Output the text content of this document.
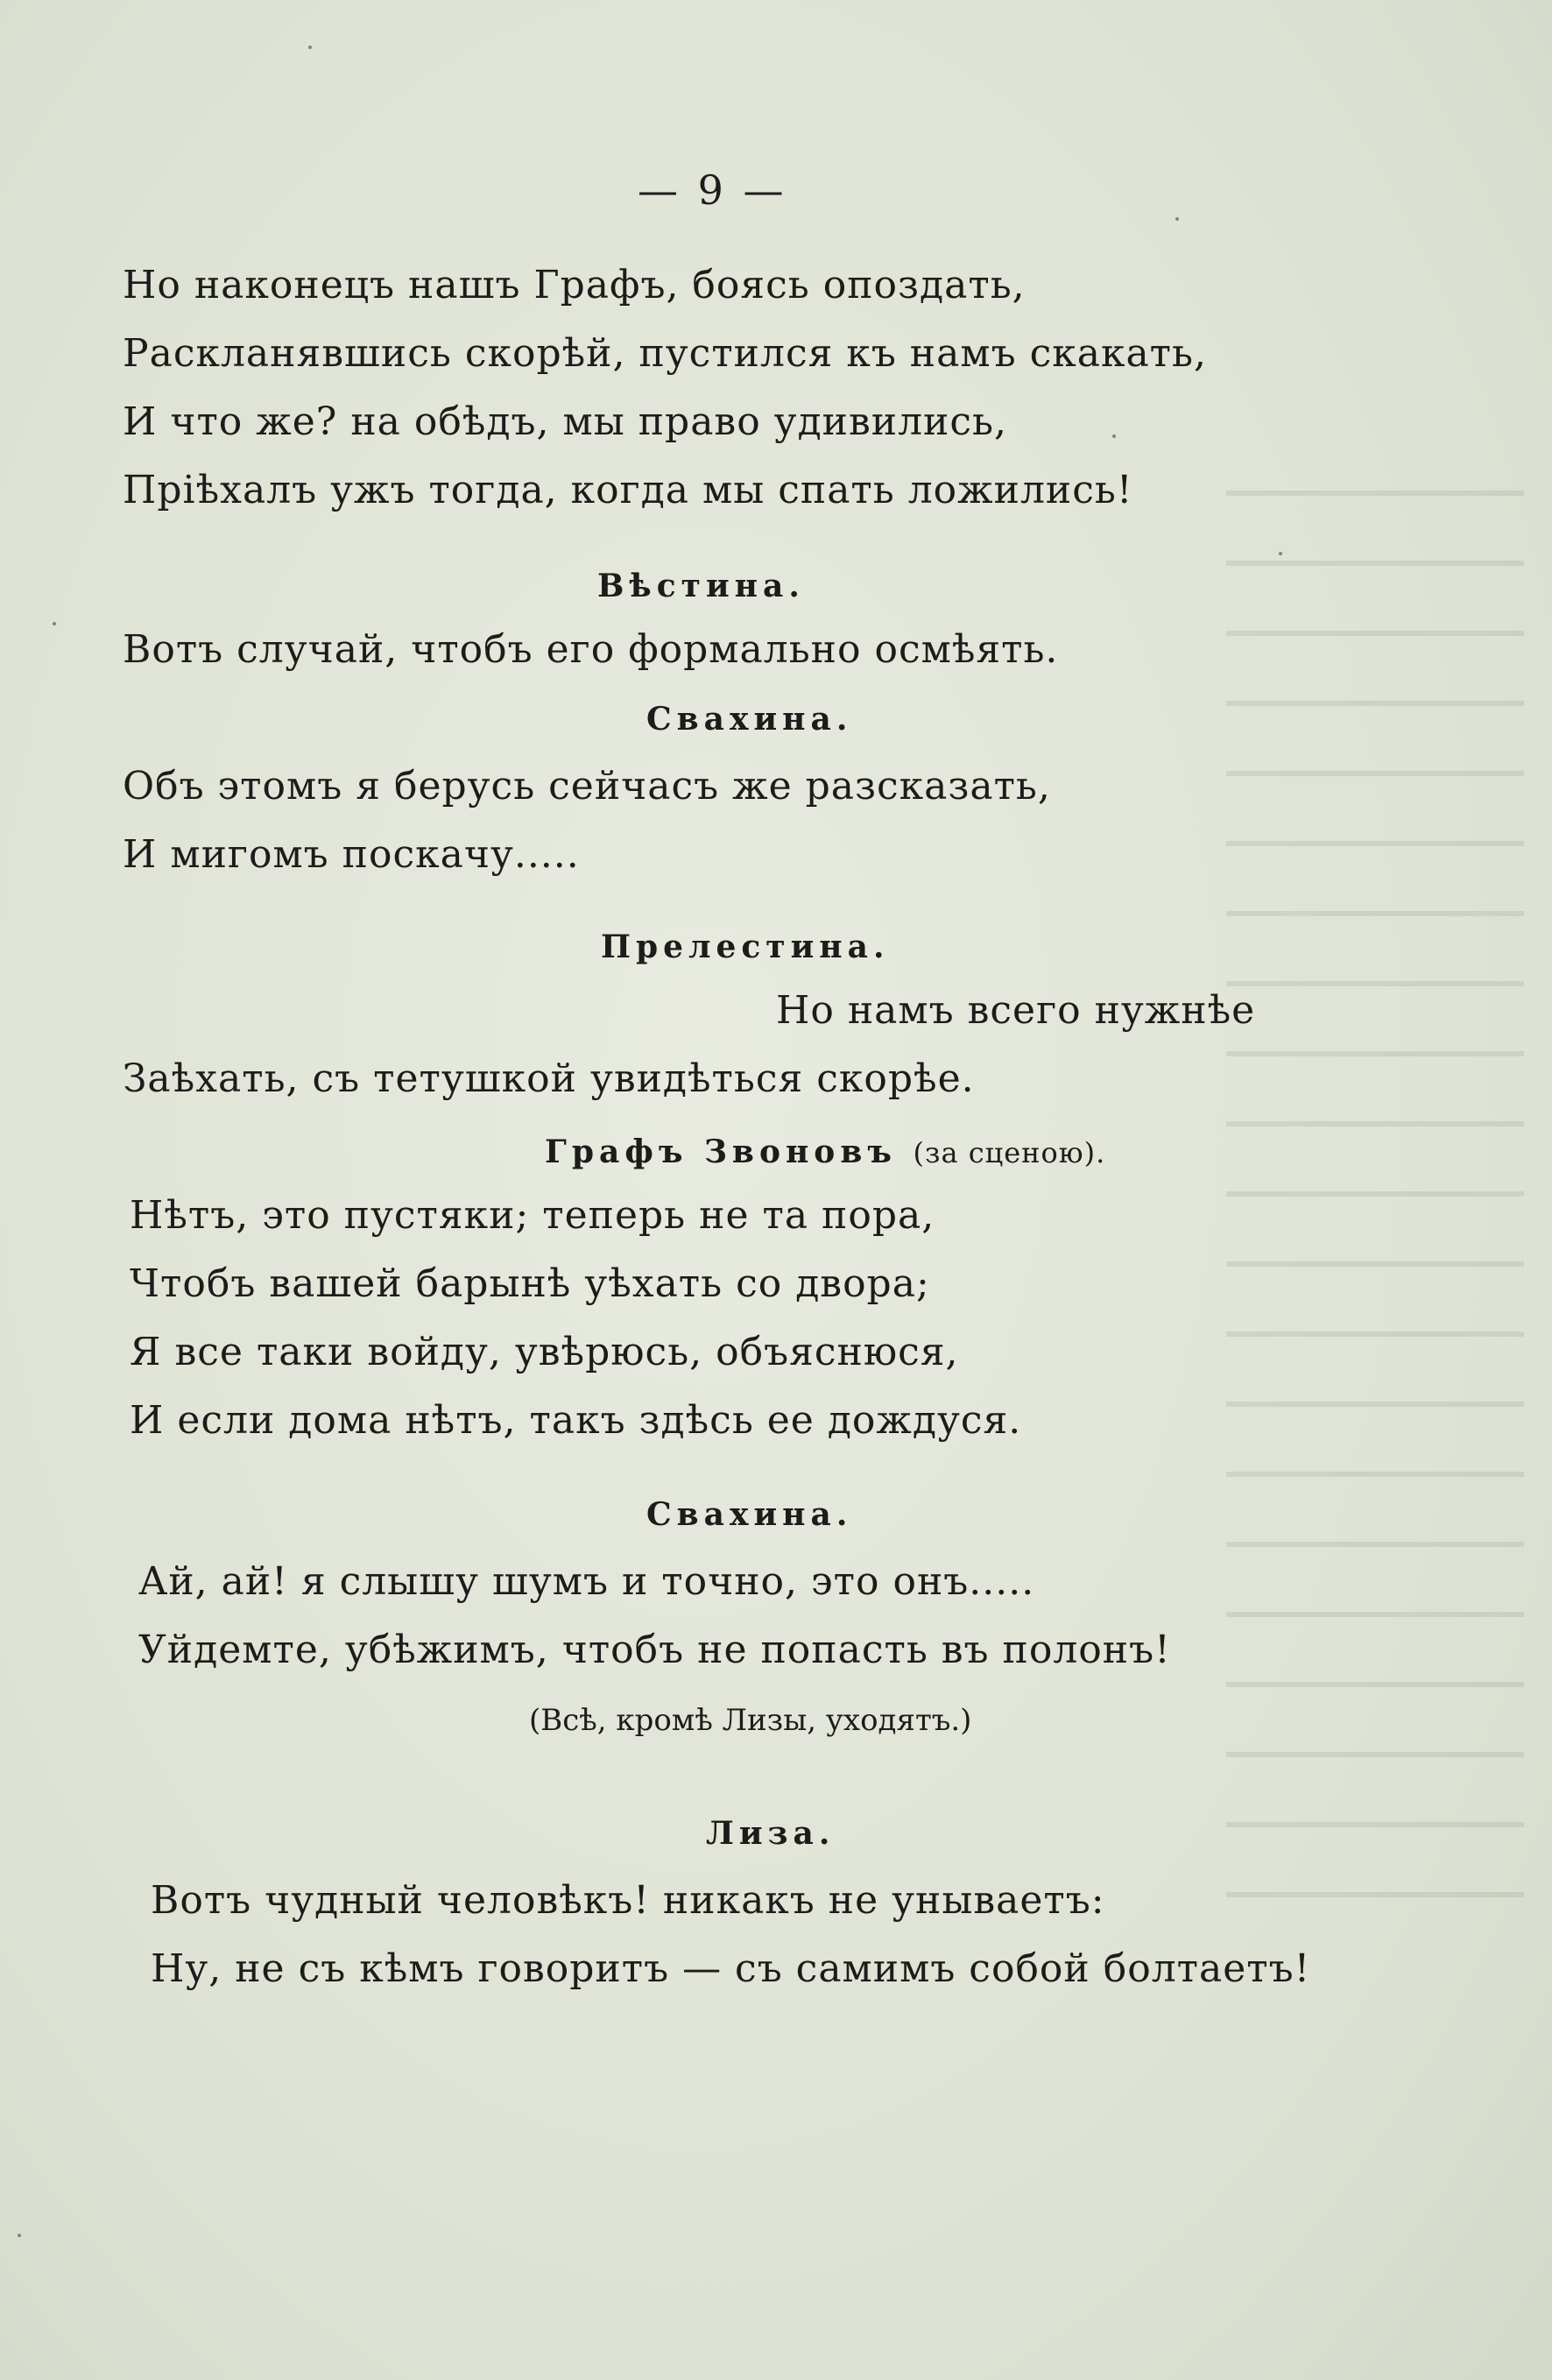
— 9 —
Но наконецъ нашъ Графъ, боясь опоздать,
Раскланявшись скорѣй, пустился къ намъ скакать,
И что же? на обѣдъ, мы право удивились,
Пріѣхалъ ужъ тогда, когда мы спать ложились!
Вѣстина.
Вотъ случай, чтобъ его формально осмѣять.
Свахина.
Объ этомъ я берусь сейчасъ же разсказать,
И мигомъ поскачу.....
Прелестина.
Но намъ всего нужнѣе
Заѣхать, съ тетушкой увидѣться скорѣе.
Графъ Звоновъ (за сценою).
Нѣтъ, это пустяки; теперь не та пора,
Чтобъ вашей барынѣ уѣхать со двора;
Я все таки войду, увѣрюсь, объяснюся,
И если дома нѣтъ, такъ здѣсь ее дождуся.
Свахина.
Ай, ай! я слышу шумъ и точно, это онъ.....
Уйдемте, убѣжимъ, чтобъ не попасть въ полонъ!
(Всѣ, кромѣ Лизы, уходятъ.)
Лиза.
Вотъ чудный человѣкъ! никакъ не унываетъ:
Ну, не съ кѣмъ говоритъ — съ самимъ собой болтаетъ!
